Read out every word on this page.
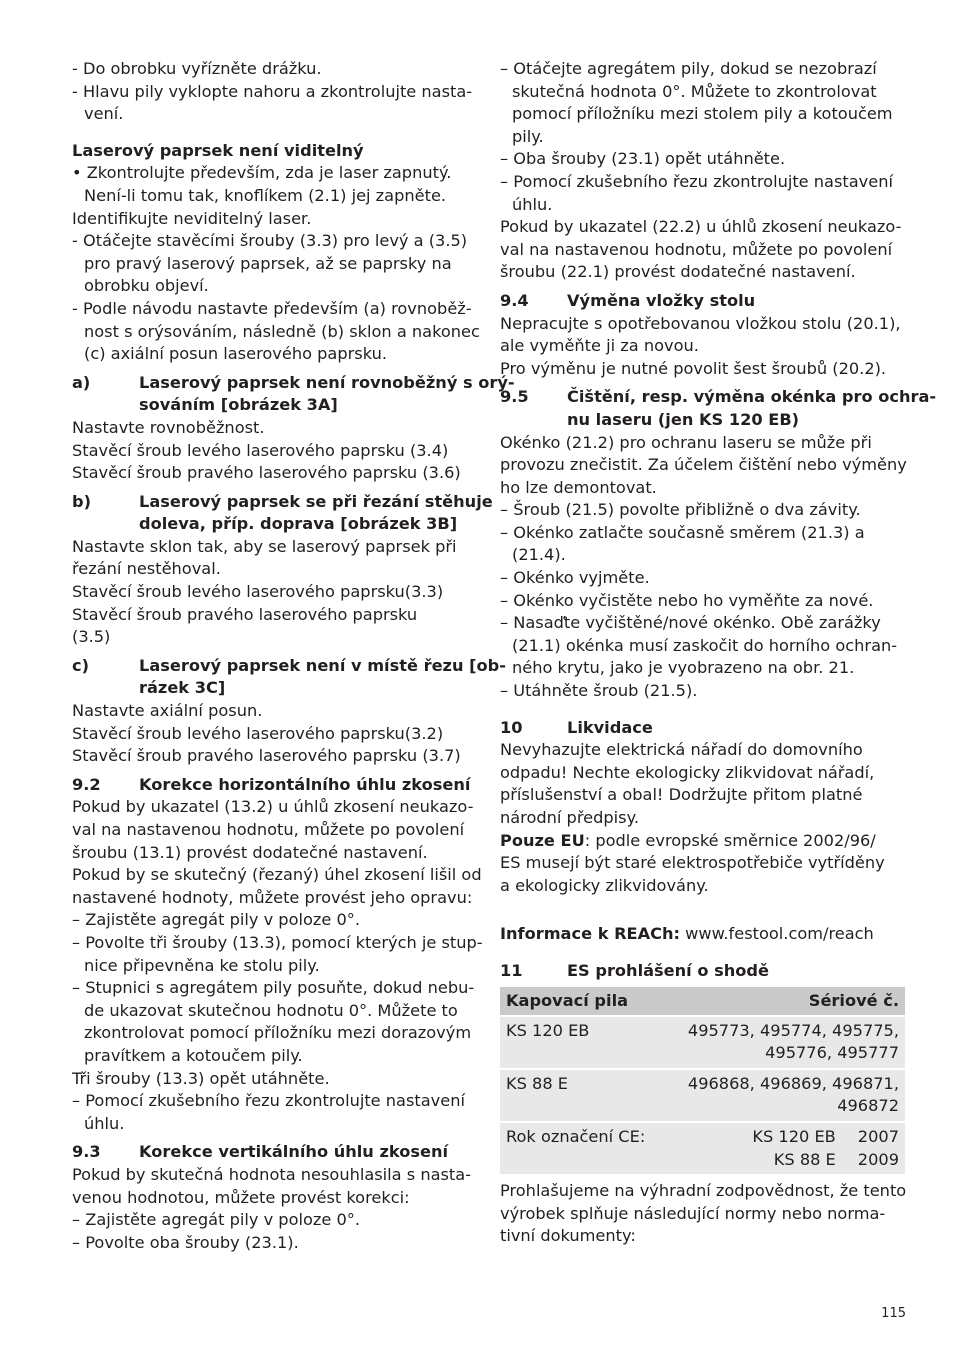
- Do obrobku vyřízněte drážku.
- Hlavu pily vyklopte nahoru a zkontrolujte nasta-
vení.
Laserový paprsek není viditelný
• Zkontrolujte především, zda je laser zapnutý.
Není-li tomu tak, knoflíkem (2.1) jej zapněte.
Identifikujte neviditelný laser.
- Otáčejte stavěcími šrouby (3.3) pro levý a (3.5)
pro pravý laserový paprsek, až se paprsky na
obrobku objeví.
- Podle návodu nastavte především (a) rovnoběž-
nost s orýsováním, následně (b) sklon a nakonec
(c) axiální posun laserového paprsku.
a)	Laserový paprsek není rovnoběžný s orý-
sováním [obrázek 3A]
Nastavte rovnoběžnost.
Stavěcí šroub levého laserového paprsku (3.4)
Stavěcí šroub pravého laserového paprsku (3.6)
b)	Laserový paprsek se při řezání stěhuje
doleva, příp. doprava [obrázek 3B]
Nastavte sklon tak, aby se laserový paprsek při
řezání nestěhoval.
Stavěcí šroub levého laserového paprsku(3.3)
Stavěcí šroub pravého laserového paprsku
(3.5)
c)	Laserový paprsek není v místě řezu [ob-
rázek 3C]
Nastavte axiální posun.
Stavěcí šroub levého laserového paprsku(3.2)
Stavěcí šroub pravého laserového paprsku (3.7)
9.2	Korekce horizontálního úhlu zkosení
Pokud by ukazatel (13.2) u úhlů zkosení neukazo-
val na nastavenou hodnotu, můžete po povolení
šroubu (13.1) provést dodatečné nastavení.
Pokud by se skutečný (řezaný) úhel zkosení lišil od
nastavené hodnoty, můžete provést jeho opravu:
– Zajistěte agregát pily v poloze 0°.
– Povolte tři šrouby (13.3), pomocí kterých je stup-
nice připevněna ke stolu pily.
– Stupnici s agregátem pily posuňte, dokud nebu-
de ukazovat skutečnou hodnotu 0°. Můžete to
zkontrolovat pomocí příložníku mezi dorazovým
pravítkem a kotoučem pily.
Tři šrouby (13.3) opět utáhněte.
– Pomocí zkušebního řezu zkontrolujte nastavení
úhlu.
9.3	Korekce vertikálního úhlu zkosení
Pokud by skutečná hodnota nesouhlasila s nasta-
venou hodnotou, můžete provést korekci:
– Zajistěte agregát pily v poloze 0°.
– Povolte oba šrouby (23.1).
– Otáčejte agregátem pily, dokud se nezobrazí
skutečná hodnota 0°. Můžete to zkontrolovat
pomocí příložníku mezi stolem pily a kotoučem
pily.
– Oba šrouby (23.1) opět utáhněte.
– Pomocí zkušebního řezu zkontrolujte nastavení
úhlu.
Pokud by ukazatel (22.2) u úhlů zkosení neukazo-
val na nastavenou hodnotu, můžete po povolení
šroubu (22.1) provést dodatečné nastavení.
9.4	Výměna vložky stolu
Nepracujte s opotřebovanou vložkou stolu (20.1),
ale vyměňte ji za novou.
Pro výměnu je nutné povolit šest šroubů (20.2).
9.5	Čištění, resp. výměna okénka pro ochra-
nu laseru (jen KS 120 EB)
Okénko (21.2) pro ochranu laseru se může při
provozu znečistit. Za účelem čištění nebo výměny
ho lze demontovat.
– Šroub (21.5) povolte přibližně o dva závity.
– Okénko zatlačte současně směrem (21.3) a
(21.4).
– Okénko vyjměte.
– Okénko vyčistěte nebo ho vyměňte za nové.
– Nasaďte vyčištěné/nové okénko. Obě zarážky
(21.1) okénka musí zaskočit do horního ochran-
ného krytu, jako je vyobrazeno na obr. 21.
– Utáhněte šroub (21.5).
10	Likvidace
Nevyhazujte elektrická nářadí do domovního
odpadu! Nechte ekologicky zlikvidovat nářadí,
příslušenství a obal! Dodržujte přitom platné
národní předpisy.
Pouze EU: podle evropské směrnice 2002/96/
ES musejí být staré elektrospotřebiče vytříděny
a ekologicky zlikvidovány.
Informace k REACh: www.festool.com/reach
11	ES prohlášení o shodě
Kapovací pila	Sériové č.
KS 120 EB	495773, 495774, 495775,
495776, 495777
KS 88 E	496868, 496869, 496871,
496872
Rok označení CE:	KS 120 EB 2007
KS 88 E 2009
Prohlašujeme na výhradní zodpovědnost, že tento
výrobek splňuje následující normy nebo norma-
tivní dokumenty:
115
